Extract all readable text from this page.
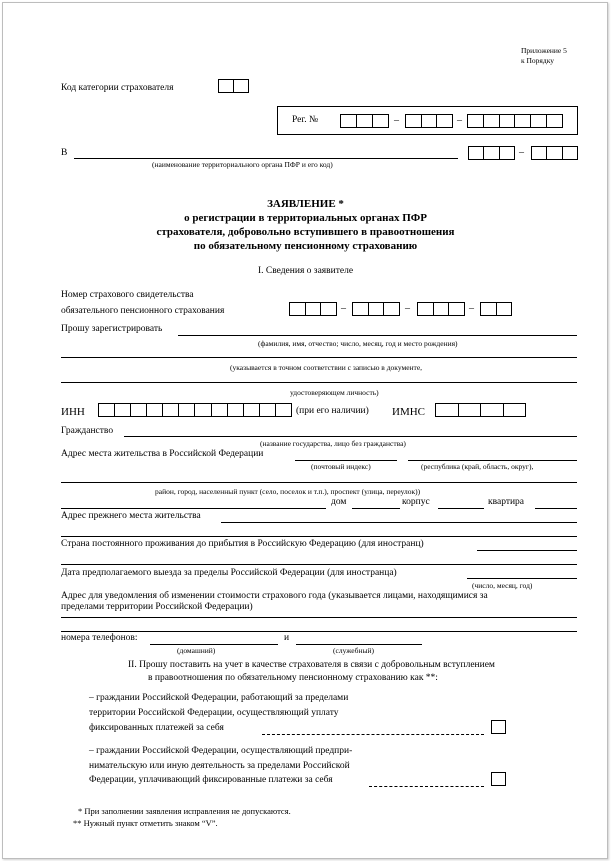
Приложение 5
к Порядку
Код категории страхователя
Рег. №	–	–
В
(наименование территориального органа ПФР и его код)
–
ЗАЯВЛЕНИЕ *
о регистрации в территориальных органах ПФР
страхователя, добровольно вступившего в правоотношения
по обязательному пенсионному страхованию
I. Сведения о заявителе
Номер страхового свидетельства
обязательного пенсионного страхования	–	–	–
Прошу зарегистрировать
(фамилия, имя, отчество; число, месяц, год и место рождения)
(указывается в точном соответствии с записью в документе,
удостоверяющем личность)
ИНН	(при его наличии) ИМНС
Гражданство
(название государства, лицо без гражданства)
Адрес места жительства в Российской Федерации
(почтовый индекс)	(республика (край, область, округ),
район, город, населенный пункт (село, поселок и т.п.), проспект (улица, переулок))
дом	корпус	квартира
Адрес прежнего места жительства
Страна постоянного проживания до прибытия в Российскую Федерацию (для иностранц)
Дата предполагаемого выезда за пределы Российской Федерации (для иностранца)
(число, месяц, год)
Адрес для уведомления об изменении стоимости страхового года (указывается лицами, находящимися за
пределами территории Российской Федерации)
номера телефонов:	и
(домашний)	(служебный)
II. Прошу поставить на учет в качестве страхователя в связи с добровольным вступлением
в правоотношения по обязательному пенсионному страхованию как **:
– граждании Российской Федерации, работающий за пределами
территории Российской Федерации, осуществляющий уплату
фиксированных платежей за себя
– граждании Российской Федерации, осуществляющий предпри-
нимательскую или иную деятельность за пределами Российской
Федерации, уплачивающий фиксированные платежи за себя
* При заполнении заявления исправления не допускаются.
** Нужный пункт отметить знаком “V”.
